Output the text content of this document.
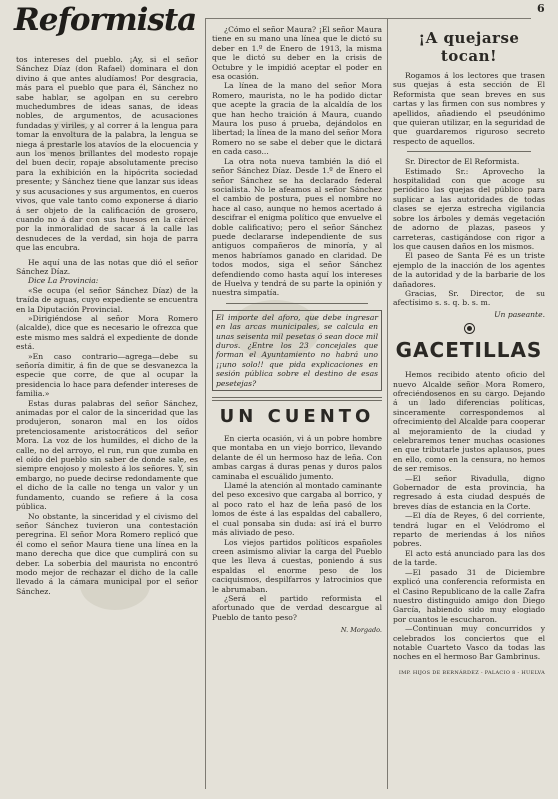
Reformista	6

tos intereses del pueblo. ¡Ay, si el señor Sánchez Díaz (don Rafael) dominara el don divino á que antes aludíamos! Por desgracia, más para el pueblo que para él, Sánchez no sabe hablar, se agolpan en su cerebro muchedumbres de ideas sanas, de ideas nobles, de argumentos, de acusaciones fundadas y viriles, y al correr á la lengua para tomar la envoltura de la palabra, la lengua se niega á prestarle los atavíos de la elocuencia y aun los menos brillantes del modesto ropaje del buen decir, ropaje absolutamente preciso para la exhibición en la hipócrita sociedad presente; y Sánchez tiene que lanzar sus ideas y sus acusaciones y sus argumentos, en cueros vivos, que vale tanto como exponerse á diario á ser objeto de la calificación de grosero, cuando no á dar con sus huesos en la cárcel por la inmoralidad de sacar á la calle las desnudeces de la verdad, sin hoja de parra que las encubra.

He aquí una de las notas que dió el señor Sánchez Díaz.

Dice La Provincia:

«Se ocupa (el señor Sánchez Díaz) de la traída de aguas, cuyo expediente se encuentra en la Diputación Provincial.

»Dirigiéndose al señor Mora Romero (alcalde), dice que es necesario le ofrezca que este mismo mes saldrá el expediente de donde está.

»En caso contrario—agrega—debe su señoría dimitir, á fin de que se desvanezca la especie que corre, de que al ocupar la presidencia lo hace para defender intereses de familia.»

Estas duras palabras del señor Sánchez, animadas por el calor de la sinceridad que las produjeron, sonaron mal en los oídos pretenciosamente aristocráticos del señor Mora. La voz de los humildes, el dicho de la calle, no del arroyo, el run, run que zumba en el oído del pueblo sin saber de donde sale, es siempre enojoso y molesto á los señores. Y, sin embargo, no puede decirse redondamente que el dicho de la calle no tenga un valor y un fundamento, cuando se refiere á la cosa pública.

No obstante, la sinceridad y el civismo del señor Sánchez tuvieron una contestación peregrina. El señor Mora Romero replicó que él como el señor Maura tiene una línea en la mano derecha que dice que cumplirá con su deber. La soberbia del maurista no encontró modo mejor de rechazar el dicho de la calle llevado á la cámara municipal por el señor Sánchez.

¿Cómo el señor Maura? ¡El señor Maura tiene en su mano una línea que le dictó su deber en 1.º de Enero de 1913, la misma que le dictó su deber en la crisis de Octubre y le impidió aceptar el poder en esa ocasión.

La línea de la mano del señor Mora Romero, maurista, no le ha podido dictar que acepte la gracia de la alcaldía de los que han hecho traición á Maura, cuando Maura los puso á prueba, dejándolos en libertad; la línea de la mano del señor Mora Romero no se sabe el deber que le dictará en cada caso...

La otra nota nueva también la dió el señor Sánchez Díaz. Desde 1.º de Enero el señor Sánchez se ha declarado federal socialista. No le afeamos al señor Sánchez el cambio de postura, pues el nombre no hace al caso, aunque no hemos acertado á descifrar el enigma político que envuelve el doble calificativo; pero el señor Sánchez puede declararse independiente de sus antiguos compañeros de minoría, y al menos habríamos ganado en claridad. De todos modos, siga el señor Sánchez defendiendo como hasta aquí los intereses de Huelva y tendrá de su parte la opinión y nuestra simpatía.

El importe del aforo, que debe ingresar en las arcas municipales, se calcula en unas seisenta mil pesetas ó sean doce mil duros. ¿Entre los 23 concejales que forman el Ayuntamiento no habrá uno ¡¡uno solo!! que pida explicaciones en sesión pública sobre el destino de esas pesetejas?

UN CUENTO

En cierta ocasión, vi á un pobre hombre que montaba en un viejo borrico, llevando delante de él un hermoso haz de leña. Con ambas cargas á duras penas y duros palos caminaba el escuálido jumento.

Llamé la atención al montado caminante del peso excesivo que cargaba al borrico, y al poco rato el haz de leña pasó de los lomos de éste á las espaldas del caballero, el cual ponsaba sin duda: así irá el burro más aliviado de peso.

Los viejos partidos políticos españoles creen asimismo aliviar la carga del Pueblo que les lleva á cuestas, poniendo á sus espaldas el enorme peso de los caciquismos, despilfarros y latrocinios que le abrumaban.

¿Será el partido reformista el afortunado que de verdad descargue al Pueblo de tanto peso?

N. Morgado.
¡A quejarse tocan!

Rogamos á los lectores que trasen sus quejas á esta sección de El Reformista que sean breves en sus cartas y las firmen con sus nombres y apellidos, añadiendo el pseudónimo que quieran utilizar, en la seguridad de que guardaremos riguroso secreto respecto de aquellos.

Sr. Director de El Reformista.

Estimado Sr.: Aprovecho la hospitalidad con que acoge su periódico las quejas del público para suplicar a las autoridades de todas clases se ejerza estrecha vigilancia sobre los árboles y demás vegetación de adorno de plazas, paseos y carreteras, castigándose con rigor a los que causen daños en los mismos.

El paseo de Santa Fé es un triste ejemplo de la inacción de los agentes de la autoridad y de la barbarie de los dañadores.

Gracias, Sr. Director, de su afectísimo s. s. q. b. s. m.

Un paseante.
GACETILLAS

Hemos recibido atento oficio del nuevo Alcalde señor Mora Romero, ofreciéndosenos en su cargo. Dejando á un lado diferencias políticas, sinceramente correspondemos al ofrecimiento del Alcalde para cooperar al mejoramiento de la ciudad y celebraremos tener muchas ocasiones en que tributarle justos aplausos, pues en ello, como en la censura, no hemos de ser remisos.

—El señor Rivadulla, digno Gobernador de esta provincia, ha regresado á esta ciudad después de breves días de estancia en la Corte.

—El día de Reyes, 6 del corriente, tendrá lugar en el Velódromo el reparto de meriendas á los niños pobres.

El acto está anunciado para las dos de la tarde.

—El pasado 31 de Diciembre explicó una conferencia reformista en el Casino Republicano de la calle Zafra nuestro distinguido amigo don Diego García, habiendo sido muy elogiado por cuantos le escucharon.

—Continuan muy concurridos y celebrados los conciertos que el notable Cuarteto Vasco da todas las noches en el hermoso Bar Gambrinus.

IMP. HIJOS DE BERNÁRDEZ - PALACIO 8 - HUELVA
